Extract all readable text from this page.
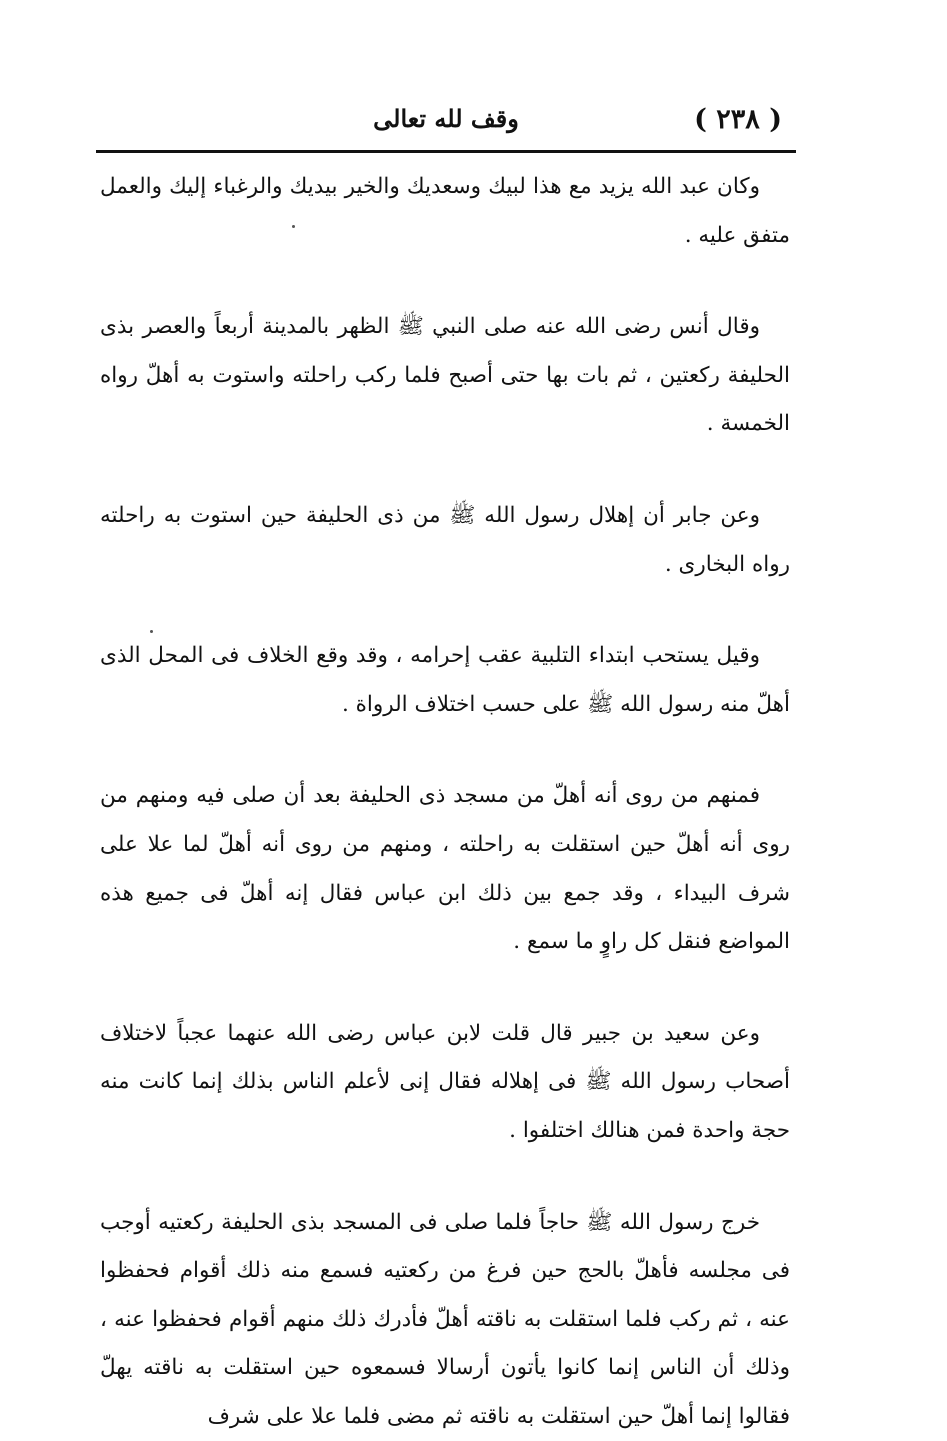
( ٢٣٨ )
وقف لله تعالى

وكان عبد الله يزيد مع هذا لبيك وسعديك والخير بيديك والرغباء إليك والعمل متفق عليه .

وقال أنس رضى الله عنه صلى النبي ﷺ الظهر بالمدينة أربعاً والعصر بذى الحليفة ركعتين ، ثم بات بها حتى أصبح فلما ركب راحلته واستوت به أهلّ رواه الخمسة .

وعن جابر أن إهلال رسول الله ﷺ من ذى الحليفة حين استوت به راحلته رواه البخارى .

وقيل يستحب ابتداء التلبية عقب إحرامه ، وقد وقع الخلاف فى المحل الذى أهلّ منه رسول الله ﷺ على حسب اختلاف الرواة .

فمنهم من روى أنه أهلّ من مسجد ذى الحليفة بعد أن صلى فيه ومنهم من روى أنه أهلّ حين استقلت به راحلته ، ومنهم من روى أنه أهلّ لما علا على شرف البيداء ، وقد جمع بين ذلك ابن عباس فقال إنه أهلّ فى جميع هذه المواضع فنقل كل راوٍ ما سمع .

وعن سعيد بن جبير قال قلت لابن عباس رضى الله عنهما عجباً لاختلاف أصحاب رسول الله ﷺ فى إهلاله فقال إنى لأعلم الناس بذلك إنما كانت منه حجة واحدة فمن هنالك اختلفوا .

خرج رسول الله ﷺ حاجاً فلما صلى فى المسجد بذى الحليفة ركعتيه أوجب فى مجلسه فأهلّ بالحج حين فرغ من ركعتيه فسمع منه ذلك أقوام فحفظوا عنه ، ثم ركب فلما استقلت به ناقته أهلّ فأدرك ذلك منهم أقوام فحفظوا عنه ، وذلك أن الناس إنما كانوا يأتون أرسالا فسمعوه حين استقلت به ناقته يهلّ فقالوا إنما أهلّ حين استقلت به ناقته ثم مضى فلما علا على شرف
